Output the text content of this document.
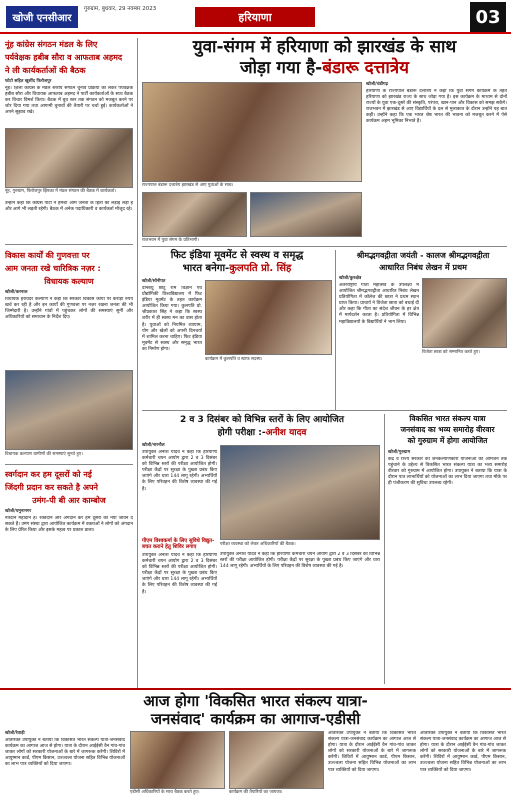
खोजी एनसीआर
गुरुग्राम, बुधवार, 29 नवम्बर 2023
हरियाणा	03
नूंह कांग्रेस संगठन मंडल के लिए
पर्यवेक्षक हबीब सौरा व आफताब अहमद
ने ली कार्यकर्ताओं की बैठक
फोटो सहित खुर्शीद फिरोजपुर
नूंह। ज़िला कांग्रेस के मंडल स्तरीय संगठन चुनाव प्रक्रिया को लेकर पर्यवेक्षक हबीब सौरा और विधायक आफताब अहमद ने पार्टी कार्यकर्ताओं के साथ बैठक कर विचार विमर्श किया। बैठक में बूथ स्तर तक संगठन को मजबूत करने पर जोर दिया गया तथा आगामी चुनावों की तैयारी पर चर्चा हुई। कार्यकर्ताओं ने अपने सुझाव रखे।
नूंह, गुरुग्राम, फिरोजपुर झिरका में मंडल संगठन की बैठक में कार्यकर्ता।
उन्होंने कहा कि कांग्रेस पार्टी ने हमेशा आम जनता के हितों की लड़ाई लड़ी है और आगे भी लड़ती रहेगी। बैठक में अनेक पदाधिकारी व कार्यकर्ता मौजूद रहे।
विकास कार्यों की गुणवत्ता पर
आम जनता रखे चारित्रिक नज़र :
विधायक कल्याण
खोजी/करनाल
विधायक हरविंदर कल्याण ने कहा कि सरकार विकास कार्यों पर करोड़ों रुपये खर्च कर रही है और इन कार्यों की गुणवत्ता पर नज़र रखना जनता की भी जिम्मेदारी है। उन्होंने गांवों में पहुंचकर लोगों की समस्याएं सुनीं और अधिकारियों को समाधान के निर्देश दिए।
विधायक कल्याण ग्रामीणों की समस्याएं सुनते हुए।
स्वर्गदान कर हम दूसरों को नई
जिंदगी प्रदान कर सकते है अपने
उमंग-पी बी आर काम्बोज
खोजी/यमुनानगर
नेत्रदान महादान है। रक्तदान और अंगदान कर हम दूसरों को नया जीवन दे सकते हैं। उमंग संस्था द्वारा आयोजित कार्यक्रम में वक्ताओं ने लोगों को अंगदान के लिए प्रेरित किया और इसके महत्व पर प्रकाश डाला।
युवा-संगम में हरियाणा को झारखंड के साथ
जोड़ा गया है-बंडारू दत्तात्रेय
राज्यपाल बंडारू दत्तात्रेय झारखंड से आए युवाओं के साथ।
खोजी/चंडीगढ़
हरियाणा के राज्यपाल बंडारू दत्तात्रेय ने कहा कि युवा संगम कार्यक्रम के तहत हरियाणा को झारखंड राज्य के साथ जोड़ा गया है। इस कार्यक्रम के माध्यम से दोनों राज्यों के युवा एक-दूसरे की संस्कृति, परंपरा, खान-पान और विकास को समझ सकेंगे। राजभवन में झारखंड से आए विद्यार्थियों के दल से मुलाकात के दौरान उन्होंने यह बात कही। उन्होंने कहा कि एक भारत श्रेष्ठ भारत की भावना को मजबूत करने में ऐसे कार्यक्रम अहम भूमिका निभाते हैं।
राजभवन में युवा संगम के प्रतिभागी।
फिट इंडिया मूवमेंट से स्वस्थ व समृद्ध
भारत बनेगा-कुलपति प्रो. सिंह
खोजी/सोनीपत
दीनबंधु छोटू राम विज्ञान एवं प्रौद्योगिकी विश्वविद्यालय में फिट इंडिया मूवमेंट के तहत कार्यक्रम आयोजित किया गया। कुलपति प्रो. श्रीप्रकाश सिंह ने कहा कि स्वस्थ शरीर में ही स्वस्थ मन का वास होता है। युवाओं को नियमित व्यायाम, योग और खेलों को अपनी दिनचर्या में शामिल करना चाहिए। फिट इंडिया मूवमेंट से स्वस्थ और समृद्ध भारत का निर्माण होगा।
कार्यक्रम में कुलपति व स्टाफ सदस्य।
श्रीमद्भगवद्गीता जयंती - कालज श्रीमद्भगवद्गीता
आधारित निबंध लेखन में प्रथम
खोजी/कुरुक्षेत्र
अंतरराष्ट्रीय गीता महोत्सव के उपलक्ष्य में आयोजित श्रीमद्भगवद्गीता आधारित निबंध लेखन प्रतियोगिता में कॉलेज की छात्रा ने प्रथम स्थान प्राप्त किया। प्राचार्य ने विजेता छात्रा को बधाई दी और कहा कि गीता का संदेश जीवन के हर क्षेत्र में मार्गदर्शन करता है। प्रतियोगिता में विभिन्न महाविद्यालयों के विद्यार्थियों ने भाग लिया।
विजेता छात्रा को सम्मानित करते हुए।
2 व 3 दिसंबर को विभिन्न स्तरों के लिए आयोजित
होगी परीक्षा :-अनीश यादव
खोजी/नारनौल
उपायुक्त अनीश यादव ने कहा कि हरियाणा कर्मचारी चयन आयोग द्वारा 2 व 3 दिसंबर को विभिन्न स्तरों की परीक्षा आयोजित होगी। परीक्षा केंद्रों पर सुरक्षा के पुख्ता प्रबंध किए जाएंगे और धारा 144 लागू रहेगी। अभ्यर्थियों के लिए परिवहन की विशेष व्यवस्था की गई है।
पीएम विश्वकर्मा के लिए सुविधे विद्युत-बचत कराने हेतु शिविर लगाए
उपायुक्त अनीश यादव ने कहा कि हरियाणा कर्मचारी चयन आयोग द्वारा 2 व 3 दिसंबर को विभिन्न स्तरों की परीक्षा आयोजित होगी। परीक्षा केंद्रों पर सुरक्षा के पुख्ता प्रबंध किए जाएंगे और धारा 144 लागू रहेगी। अभ्यर्थियों के लिए परिवहन की विशेष व्यवस्था की गई है।
परीक्षा व्यवस्था को लेकर अधिकारियों की बैठक।
उपायुक्त अनीश यादव ने कहा कि हरियाणा कर्मचारी चयन आयोग द्वारा 2 व 3 दिसंबर को विभिन्न स्तरों की परीक्षा आयोजित होगी। परीक्षा केंद्रों पर सुरक्षा के पुख्ता प्रबंध किए जाएंगे और धारा 144 लागू रहेगी। अभ्यर्थियों के लिए परिवहन की विशेष व्यवस्था की गई है।
विकसित भारत संकल्प यात्रा
जनसंवाद का भव्य समारोह वीरवार
को गुरुग्राम में होगा आयोजित
खोजी/गुरुग्राम
केंद्र व राज्य सरकार की जनकल्याणकारी योजनाओं को आमजन तक पहुंचाने के उद्देश्य से विकसित भारत संकल्प यात्रा का भव्य समारोह वीरवार को गुरुग्राम में आयोजित होगा। उपायुक्त ने बताया कि यात्रा के दौरान पात्र लाभार्थियों को योजनाओं का लाभ दिया जाएगा तथा मौके पर ही पंजीकरण की सुविधा उपलब्ध रहेगी।
आज होगा 'विकसित भारत संकल्प यात्रा-
जनसंवाद' कार्यक्रम का आगाज-एडीसी
खोजी/रेवाड़ी
अतिरिक्त उपायुक्त ने बताया कि विकसित भारत संकल्प यात्रा-जनसंवाद कार्यक्रम का आगाज आज से होगा। यात्रा के दौरान आईईसी वैन गांव-गांव जाकर लोगों को सरकारी योजनाओं के बारे में जागरूक करेंगी। शिविरों में आयुष्मान कार्ड, पीएम किसान, उज्ज्वला योजना सहित विभिन्न योजनाओं का लाभ पात्र व्यक्तियों को दिया जाएगा।
एडीसी अधिकारियों के साथ बैठक करते हुए।	कार्यक्रम की तैयारियों का जायजा।
अतिरिक्त उपायुक्त ने बताया कि विकसित भारत संकल्प यात्रा-जनसंवाद कार्यक्रम का आगाज आज से होगा। यात्रा के दौरान आईईसी वैन गांव-गांव जाकर लोगों को सरकारी योजनाओं के बारे में जागरूक करेंगी। शिविरों में आयुष्मान कार्ड, पीएम किसान, उज्ज्वला योजना सहित विभिन्न योजनाओं का लाभ पात्र व्यक्तियों को दिया जाएगा।
अतिरिक्त उपायुक्त ने बताया कि विकसित भारत संकल्प यात्रा-जनसंवाद कार्यक्रम का आगाज आज से होगा। यात्रा के दौरान आईईसी वैन गांव-गांव जाकर लोगों को सरकारी योजनाओं के बारे में जागरूक करेंगी। शिविरों में आयुष्मान कार्ड, पीएम किसान, उज्ज्वला योजना सहित विभिन्न योजनाओं का लाभ पात्र व्यक्तियों को दिया जाएगा।
